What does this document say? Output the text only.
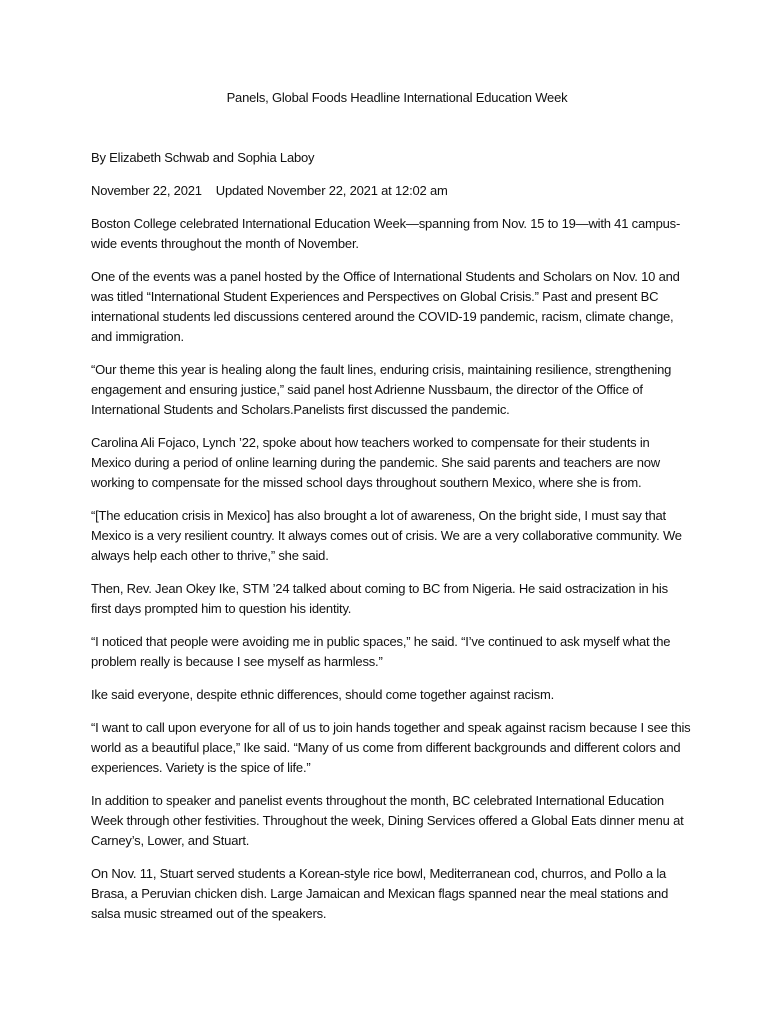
Panels, Global Foods Headline International Education Week
By Elizabeth Schwab and Sophia Laboy
November 22, 2021 Updated November 22, 2021 at 12:02 am
Boston College celebrated International Education Week—spanning from Nov. 15 to 19—with 41 campus-wide events throughout the month of November.
One of the events was a panel hosted by the Office of International Students and Scholars on Nov. 10 and was titled “International Student Experiences and Perspectives on Global Crisis.” Past and present BC international students led discussions centered around the COVID-19 pandemic, racism, climate change, and immigration.
“Our theme this year is healing along the fault lines, enduring crisis, maintaining resilience, strengthening engagement and ensuring justice,” said panel host Adrienne Nussbaum, the director of the Office of International Students and Scholars.Panelists first discussed the pandemic.
Carolina Ali Fojaco, Lynch ’22, spoke about how teachers worked to compensate for their students in Mexico during a period of online learning during the pandemic. She said parents and teachers are now working to compensate for the missed school days throughout southern Mexico, where she is from.
“[The education crisis in Mexico] has also brought a lot of awareness, On the bright side, I must say that Mexico is a very resilient country. It always comes out of crisis. We are a very collaborative community. We always help each other to thrive,” she said.
Then, Rev. Jean Okey Ike, STM ’24 talked about coming to BC from Nigeria. He said ostracization in his first days prompted him to question his identity.
“I noticed that people were avoiding me in public spaces,” he said. “I’ve continued to ask myself what the problem really is because I see myself as harmless.”
Ike said everyone, despite ethnic differences, should come together against racism.
“I want to call upon everyone for all of us to join hands together and speak against racism because I see this world as a beautiful place,” Ike said. “Many of us come from different backgrounds and different colors and experiences. Variety is the spice of life.”
In addition to speaker and panelist events throughout the month, BC celebrated International Education Week through other festivities. Throughout the week, Dining Services offered a Global Eats dinner menu at Carney’s, Lower, and Stuart.
On Nov. 11, Stuart served students a Korean-style rice bowl, Mediterranean cod, churros, and Pollo a la Brasa, a Peruvian chicken dish. Large Jamaican and Mexican flags spanned near the meal stations and salsa music streamed out of the speakers.
